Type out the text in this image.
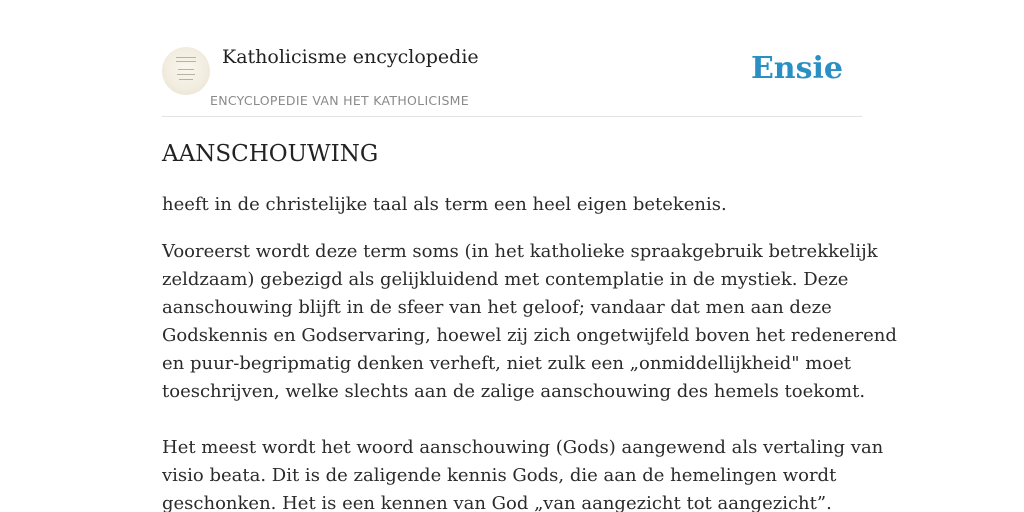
Katholicisme encyclopedie
ENCYCLOPEDIE VAN HET KATHOLICISME
Ensie
AANSCHOUWING

heeft in de christelijke taal als term een heel eigen betekenis.

Vooreerst wordt deze term soms (in het katholieke spraakgebruik betrekkelijk
zeldzaam) gebezigd als gelijkluidend met contemplatie in de mystiek. Deze
aanschouwing blijft in de sfeer van het geloof; vandaar dat men aan deze
Godskennis en Godservaring, hoewel zij zich ongetwijfeld boven het redenerend
en puur-begripmatig denken verheft, niet zulk een „onmiddellijkheid" moet
toeschrijven, welke slechts aan de zalige aanschouwing des hemels toekomt.
Het meest wordt het woord aanschouwing (Gods) aangewend als vertaling van
visio beata. Dit is de zaligende kennis Gods, die aan de hemelingen wordt
geschonken. Het is een kennen van God „van aangezicht tot aangezicht”.
